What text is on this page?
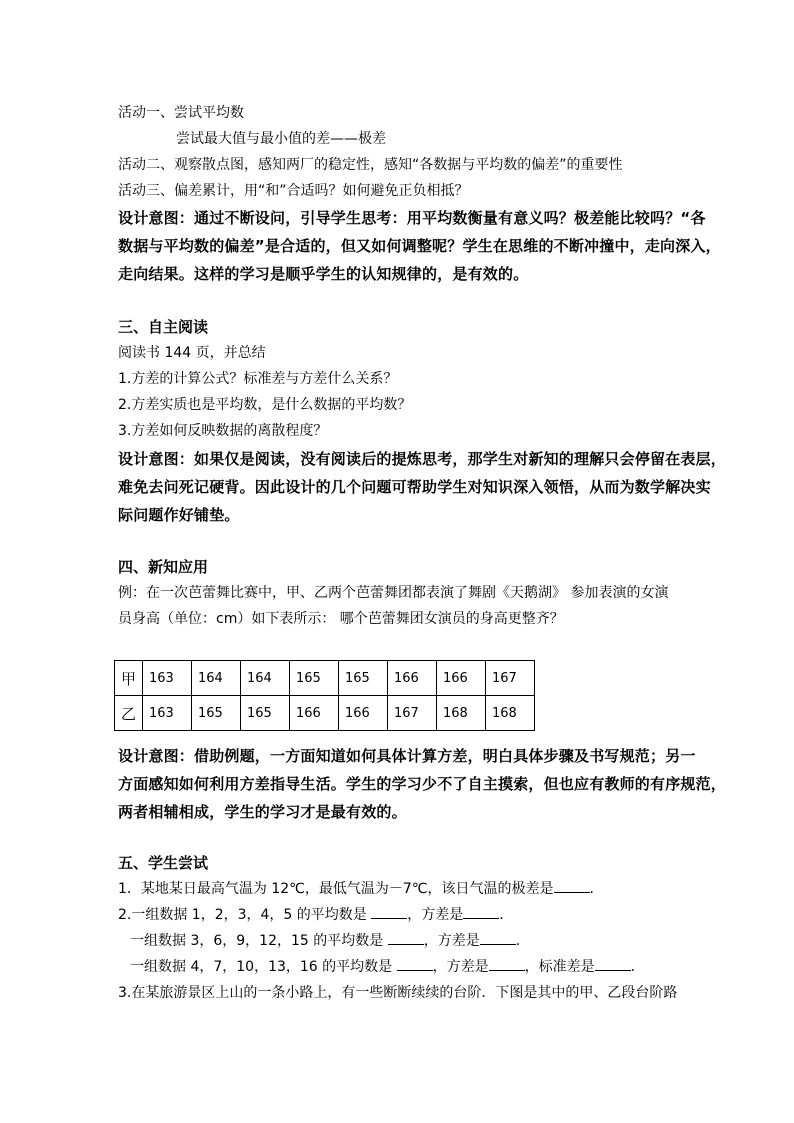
活动一、尝试平均数
尝试最大值与最小值的差——极差
活动二、观察散点图，感知两厂的稳定性，感知“各数据与平均数的偏差”的重要性
活动三、偏差累计，用“和”合适吗？如何避免正负相抵？
设计意图：通过不断设问，引导学生思考：用平均数衡量有意义吗？极差能比较吗？“各
数据与平均数的偏差”是合适的，但又如何调整呢？学生在思维的不断冲撞中，走向深入，
走向结果。这样的学习是顺乎学生的认知规律的，是有效的。
三、自主阅读
阅读书 144 页，并总结
1.方差的计算公式？标准差与方差什么关系？
2.方差实质也是平均数，是什么数据的平均数？
3.方差如何反映数据的离散程度？
设计意图：如果仅是阅读，没有阅读后的提炼思考，那学生对新知的理解只会停留在表层，
难免去问死记硬背。因此设计的几个问题可帮助学生对知识深入领悟，从而为数学解决实
际问题作好铺垫。
四、新知应用
例：在一次芭蕾舞比赛中，甲、乙两个芭蕾舞团都表演了舞剧《天鹅湖》 参加表演的女演
员身高（单位：cm）如下表所示： 哪个芭蕾舞团女演员的身高更整齐？
甲	163	164	164	165	165	166	166	167
乙	163	165	165	166	166	167	168	168
设计意图：借助例题，一方面知道如何具体计算方差，明白具体步骤及书写规范；另一
方面感知如何利用方差指导生活。学生的学习少不了自主摸索，但也应有教师的有序规范，
两者相辅相成，学生的学习才是最有效的。
五、学生尝试
1．某地某日最高气温为 12℃，最低气温为－7℃，该日气温的极差是	.
2.一组数据 1，2，3，4，5 的平均数是	，方差是	.
一组数据 3，6，9，12，15 的平均数是	，方差是	.
一组数据 4，7，10，13，16 的平均数是	，方差是	，标准差是	.
3.在某旅游景区上山的一条小路上，有一些断断续续的台阶．下图是其中的甲、乙段台阶路
